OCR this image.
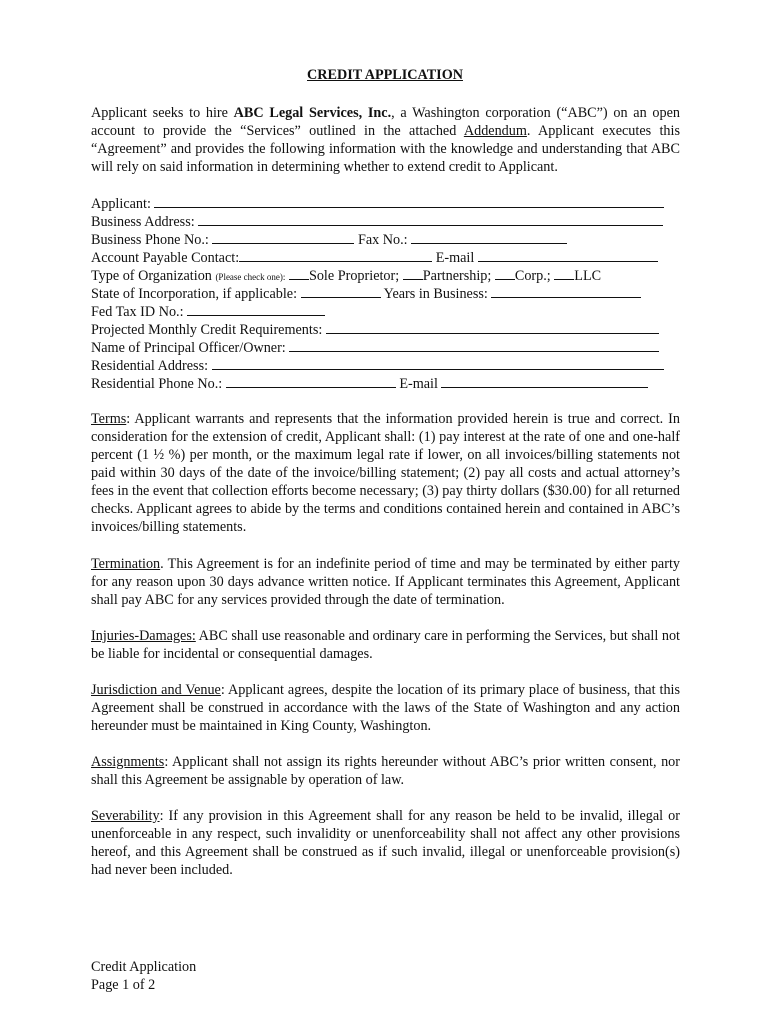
CREDIT APPLICATION
Applicant seeks to hire ABC Legal Services, Inc., a Washington corporation (“ABC”) on an open account to provide the “Services” outlined in the attached Addendum. Applicant executes this “Agreement” and provides the following information with the knowledge and understanding that ABC will rely on said information in determining whether to extend credit to Applicant.
Applicant:
Business Address:
Business Phone No.:	Fax No.:
Account Payable Contact:	E-mail
Type of Organization (Please check one): Sole Proprietor; Partnership; Corp.; LLC
State of Incorporation, if applicable:	Years in Business:
Fed Tax ID No.:
Projected Monthly Credit Requirements:
Name of Principal Officer/Owner:
Residential Address:
Residential Phone No.:	E-mail
Terms: Applicant warrants and represents that the information provided herein is true and correct. In consideration for the extension of credit, Applicant shall: (1) pay interest at the rate of one and one-half percent (1 ½ %) per month, or the maximum legal rate if lower, on all invoices/billing statements not paid within 30 days of the date of the invoice/billing statement; (2) pay all costs and actual attorney’s fees in the event that collection efforts become necessary; (3) pay thirty dollars ($30.00) for all returned checks. Applicant agrees to abide by the terms and conditions contained herein and contained in ABC’s invoices/billing statements.
Termination. This Agreement is for an indefinite period of time and may be terminated by either party for any reason upon 30 days advance written notice. If Applicant terminates this Agreement, Applicant shall pay ABC for any services provided through the date of termination.
Injuries-Damages: ABC shall use reasonable and ordinary care in performing the Services, but shall not be liable for incidental or consequential damages.
Jurisdiction and Venue: Applicant agrees, despite the location of its primary place of business, that this Agreement shall be construed in accordance with the laws of the State of Washington and any action hereunder must be maintained in King County, Washington.
Assignments: Applicant shall not assign its rights hereunder without ABC’s prior written consent, nor shall this Agreement be assignable by operation of law.
Severability: If any provision in this Agreement shall for any reason be held to be invalid, illegal or unenforceable in any respect, such invalidity or unenforceability shall not affect any other provisions hereof, and this Agreement shall be construed as if such invalid, illegal or unenforceable provision(s) had never been included.
Credit Application
Page 1 of 2
